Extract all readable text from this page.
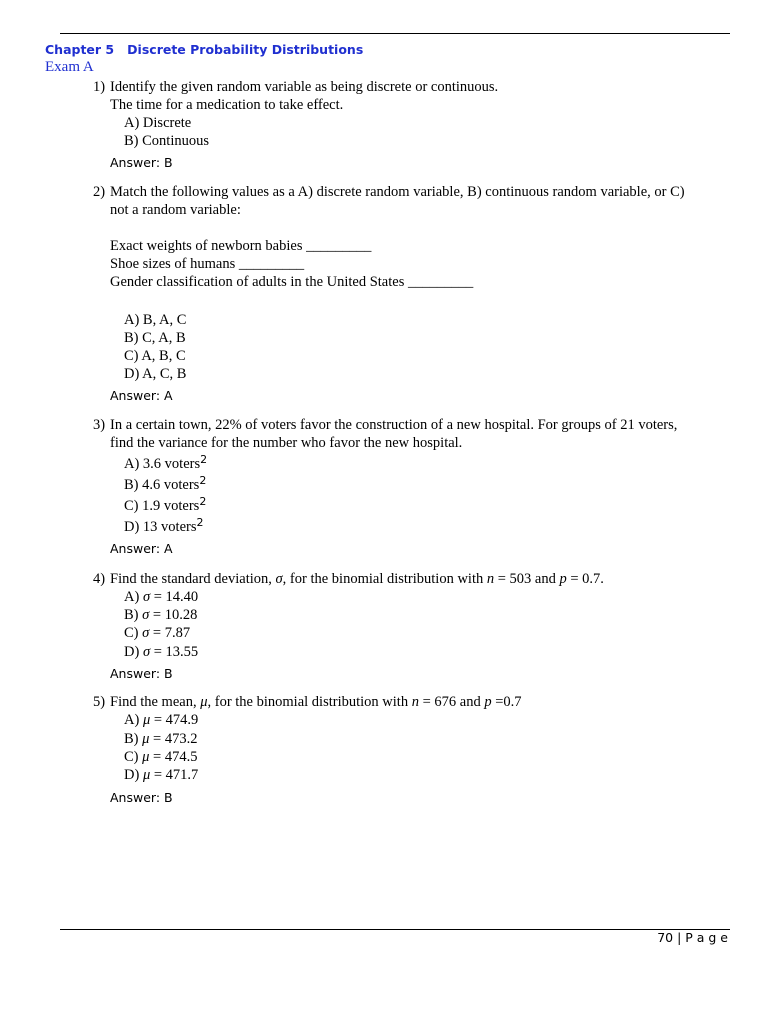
Chapter 5   Discrete Probability Distributions
Exam A
1) Identify the given random variable as being discrete or continuous.
The time for a medication to take effect.
A) Discrete
B) Continuous
Answer: B
2) Match the following values as a A) discrete random variable, B) continuous random variable, or C)
not a random variable:
Exact weights of newborn babies _________
Shoe sizes of humans _________
Gender classification of adults in the United States _________
A) B, A, C
B) C, A, B
C) A, B, C
D) A, C, B
Answer: A
3) In a certain town, 22% of voters favor the construction of a new hospital. For groups of 21 voters,
find the variance for the number who favor the new hospital.
A) 3.6 voters$^2$
B) 4.6 voters$^2$
C) 1.9 voters$^2$
D) 13 voters$^2$
Answer: A
4) Find the standard deviation, σ, for the binomial distribution with n = 503 and p = 0.7.
A) σ = 14.40
B) σ = 10.28
C) σ = 7.87
D) σ = 13.55
Answer: B
5) Find the mean, μ, for the binomial distribution with n = 676 and p =0.7
A) μ = 474.9
B) μ = 473.2
C) μ = 474.5
D) μ = 471.7
Answer: B
70 | P a g e
